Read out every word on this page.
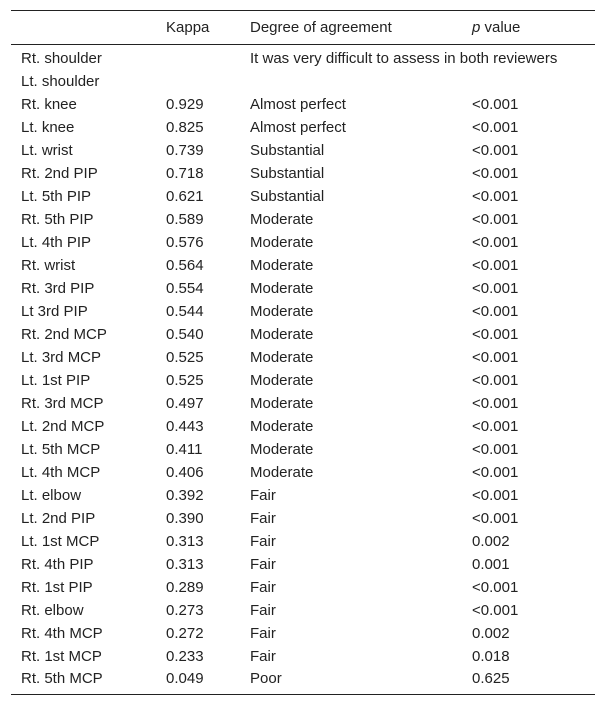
	Kappa	Degree of agreement	p value
Rt. shoulder		It was very difficult to assess in both reviewers	
Lt. shoulder			
Rt. knee	0.929	Almost perfect	<0.001
Lt. knee	0.825	Almost perfect	<0.001
Lt. wrist	0.739	Substantial	<0.001
Rt. 2nd PIP	0.718	Substantial	<0.001
Lt. 5th PIP	0.621	Substantial	<0.001
Rt. 5th PIP	0.589	Moderate	<0.001
Lt. 4th PIP	0.576	Moderate	<0.001
Rt. wrist	0.564	Moderate	<0.001
Rt. 3rd PIP	0.554	Moderate	<0.001
Lt 3rd PIP	0.544	Moderate	<0.001
Rt. 2nd MCP	0.540	Moderate	<0.001
Lt. 3rd MCP	0.525	Moderate	<0.001
Lt. 1st PIP	0.525	Moderate	<0.001
Rt. 3rd MCP	0.497	Moderate	<0.001
Lt. 2nd MCP	0.443	Moderate	<0.001
Lt. 5th MCP	0.411	Moderate	<0.001
Lt. 4th MCP	0.406	Moderate	<0.001
Lt. elbow	0.392	Fair	<0.001
Lt. 2nd PIP	0.390	Fair	<0.001
Lt. 1st MCP	0.313	Fair	0.002
Rt. 4th PIP	0.313	Fair	0.001
Rt. 1st PIP	0.289	Fair	<0.001
Rt. elbow	0.273	Fair	<0.001
Rt. 4th MCP	0.272	Fair	0.002
Rt. 1st MCP	0.233	Fair	0.018
Rt. 5th MCP	0.049	Poor	0.625
